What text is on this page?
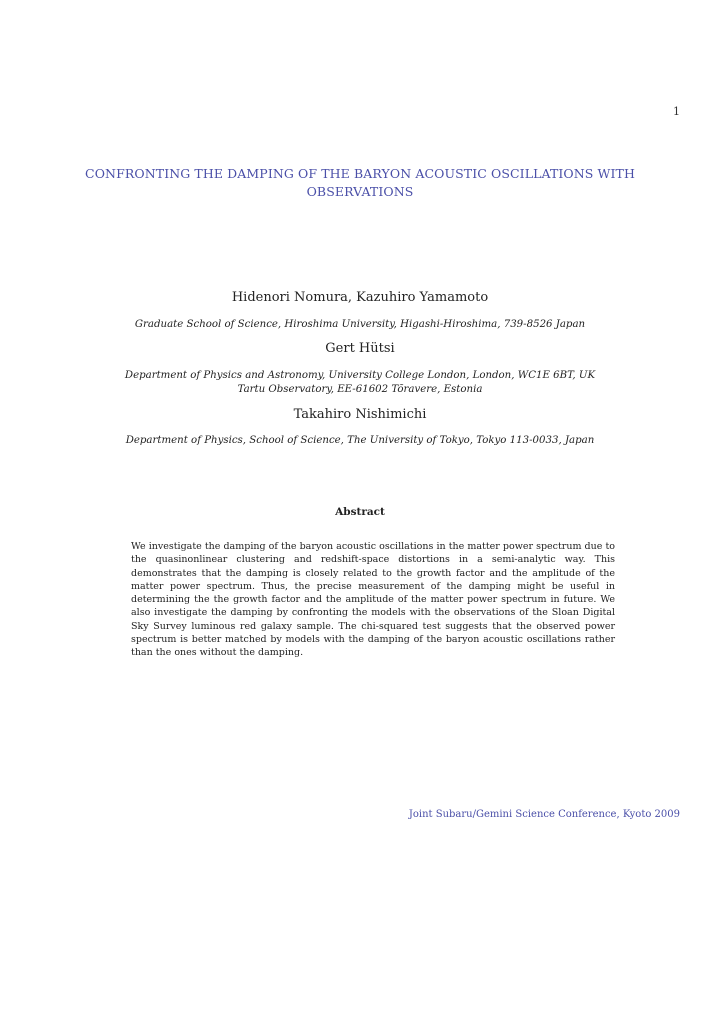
1
CONFRONTING THE DAMPING OF THE BARYON ACOUSTIC OSCILLATIONS WITH OBSERVATIONS
Hidenori Nomura, Kazuhiro Yamamoto
Graduate School of Science, Hiroshima University, Higashi-Hiroshima, 739-8526 Japan
Gert Hütsi
Department of Physics and Astronomy, University College London, London, WC1E 6BT, UK
Tartu Observatory, EE-61602 Tõravere, Estonia
Takahiro Nishimichi
Department of Physics, School of Science, The University of Tokyo, Tokyo 113-0033, Japan
Abstract
We investigate the damping of the baryon acoustic oscillations in the matter power spectrum due to the quasinonlinear clustering and redshift-space distortions in a semi-analytic way. This demonstrates that the damping is closely related to the growth factor and the amplitude of the matter power spectrum. Thus, the precise measurement of the damping might be useful in determining the the growth factor and the amplitude of the matter power spectrum in future. We also investigate the damping by confronting the models with the observations of the Sloan Digital Sky Survey luminous red galaxy sample. The chi-squared test suggests that the observed power spectrum is better matched by models with the damping of the baryon acoustic oscillations rather than the ones without the damping.
Joint Subaru/Gemini Science Conference, Kyoto 2009
